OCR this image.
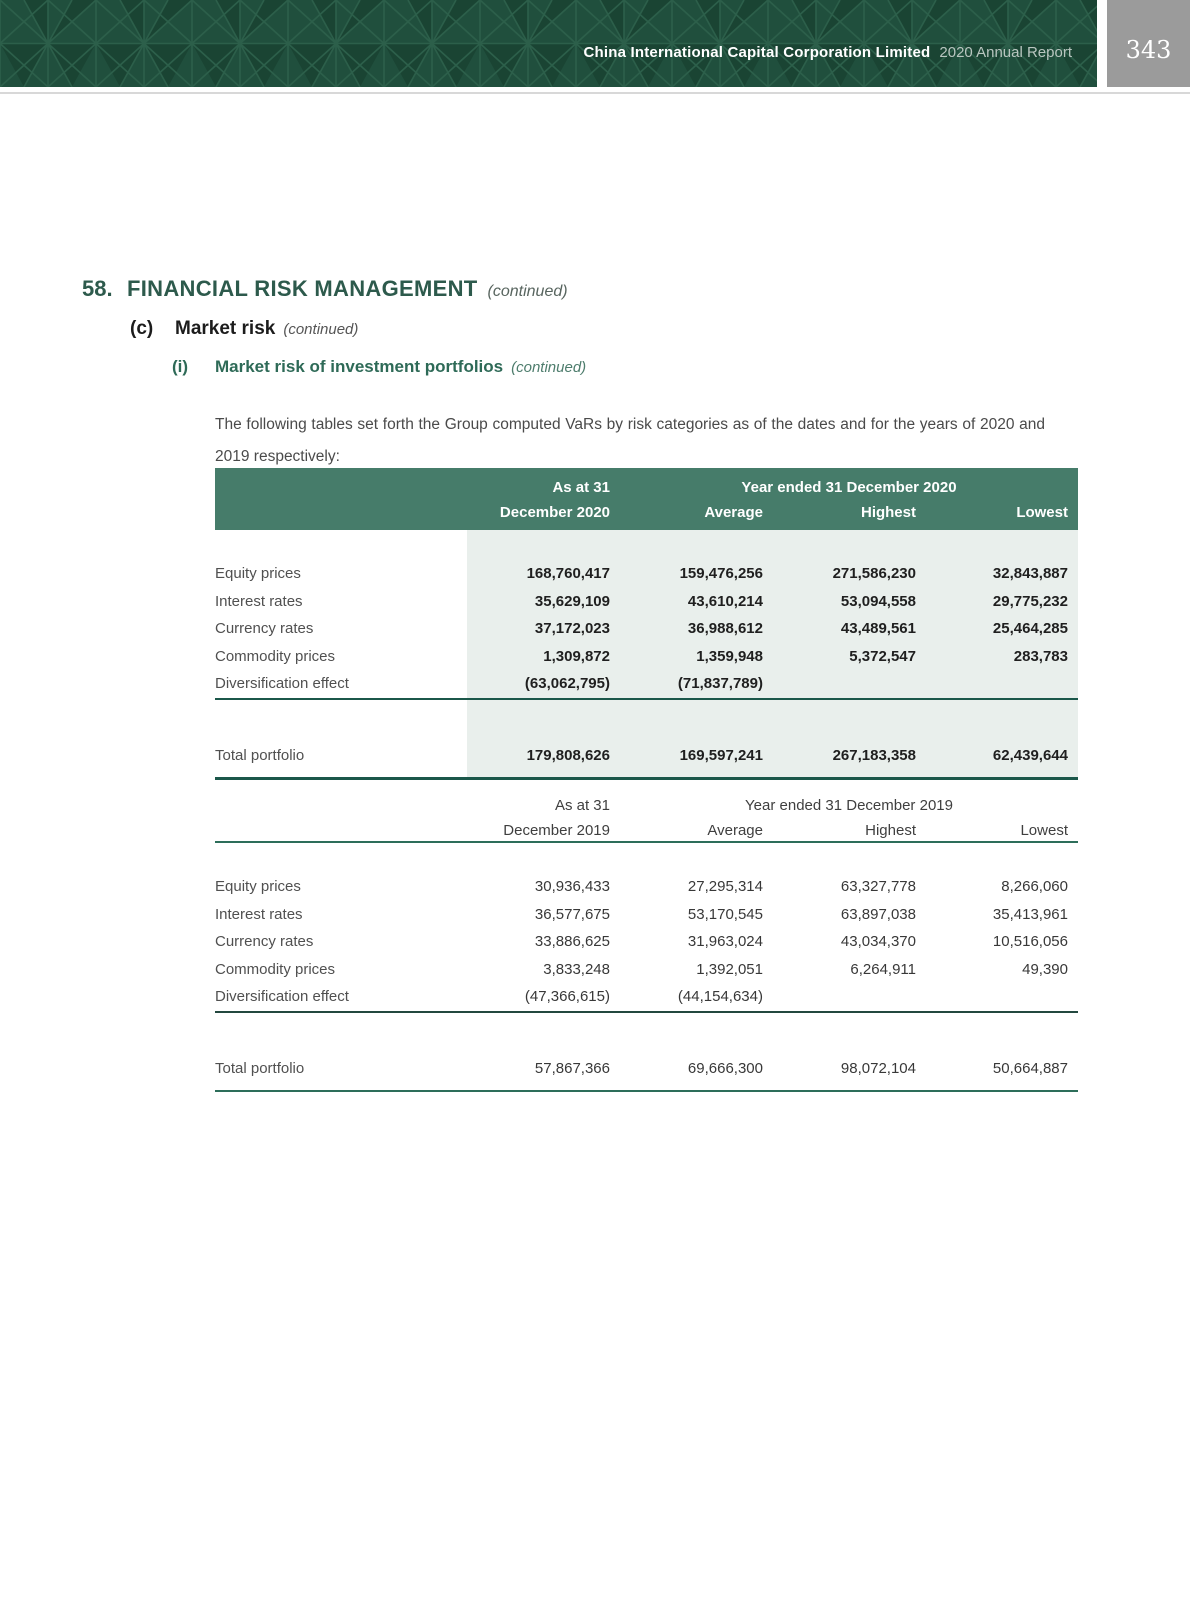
China International Capital Corporation Limited 2020 Annual Report 343
58. FINANCIAL RISK MANAGEMENT (continued)
(c)	Market risk (continued)
(i)	Market risk of investment portfolios (continued)

The following tables set forth the Group computed VaRs by risk categories as of the dates and for the years of 2020 and 2019 respectively:

As at 31	Year ended 31 December 2020
December 2020	Average	Highest	Lowest
Equity prices	168,760,417	159,476,256	271,586,230	32,843,887
Interest rates	35,629,109	43,610,214	53,094,558	29,775,232
Currency rates	37,172,023	36,988,612	43,489,561	25,464,285
Commodity prices	1,309,872	1,359,948	5,372,547	283,783
Diversification effect	(63,062,795)	(71,837,789)
Total portfolio	179,808,626	169,597,241	267,183,358	62,439,644
As at 31	Year ended 31 December 2019
December 2019	Average	Highest	Lowest
Equity prices	30,936,433	27,295,314	63,327,778	8,266,060
Interest rates	36,577,675	53,170,545	63,897,038	35,413,961
Currency rates	33,886,625	31,963,024	43,034,370	10,516,056
Commodity prices	3,833,248	1,392,051	6,264,911	49,390
Diversification effect	(47,366,615)	(44,154,634)
Total portfolio	57,867,366	69,666,300	98,072,104	50,664,887
